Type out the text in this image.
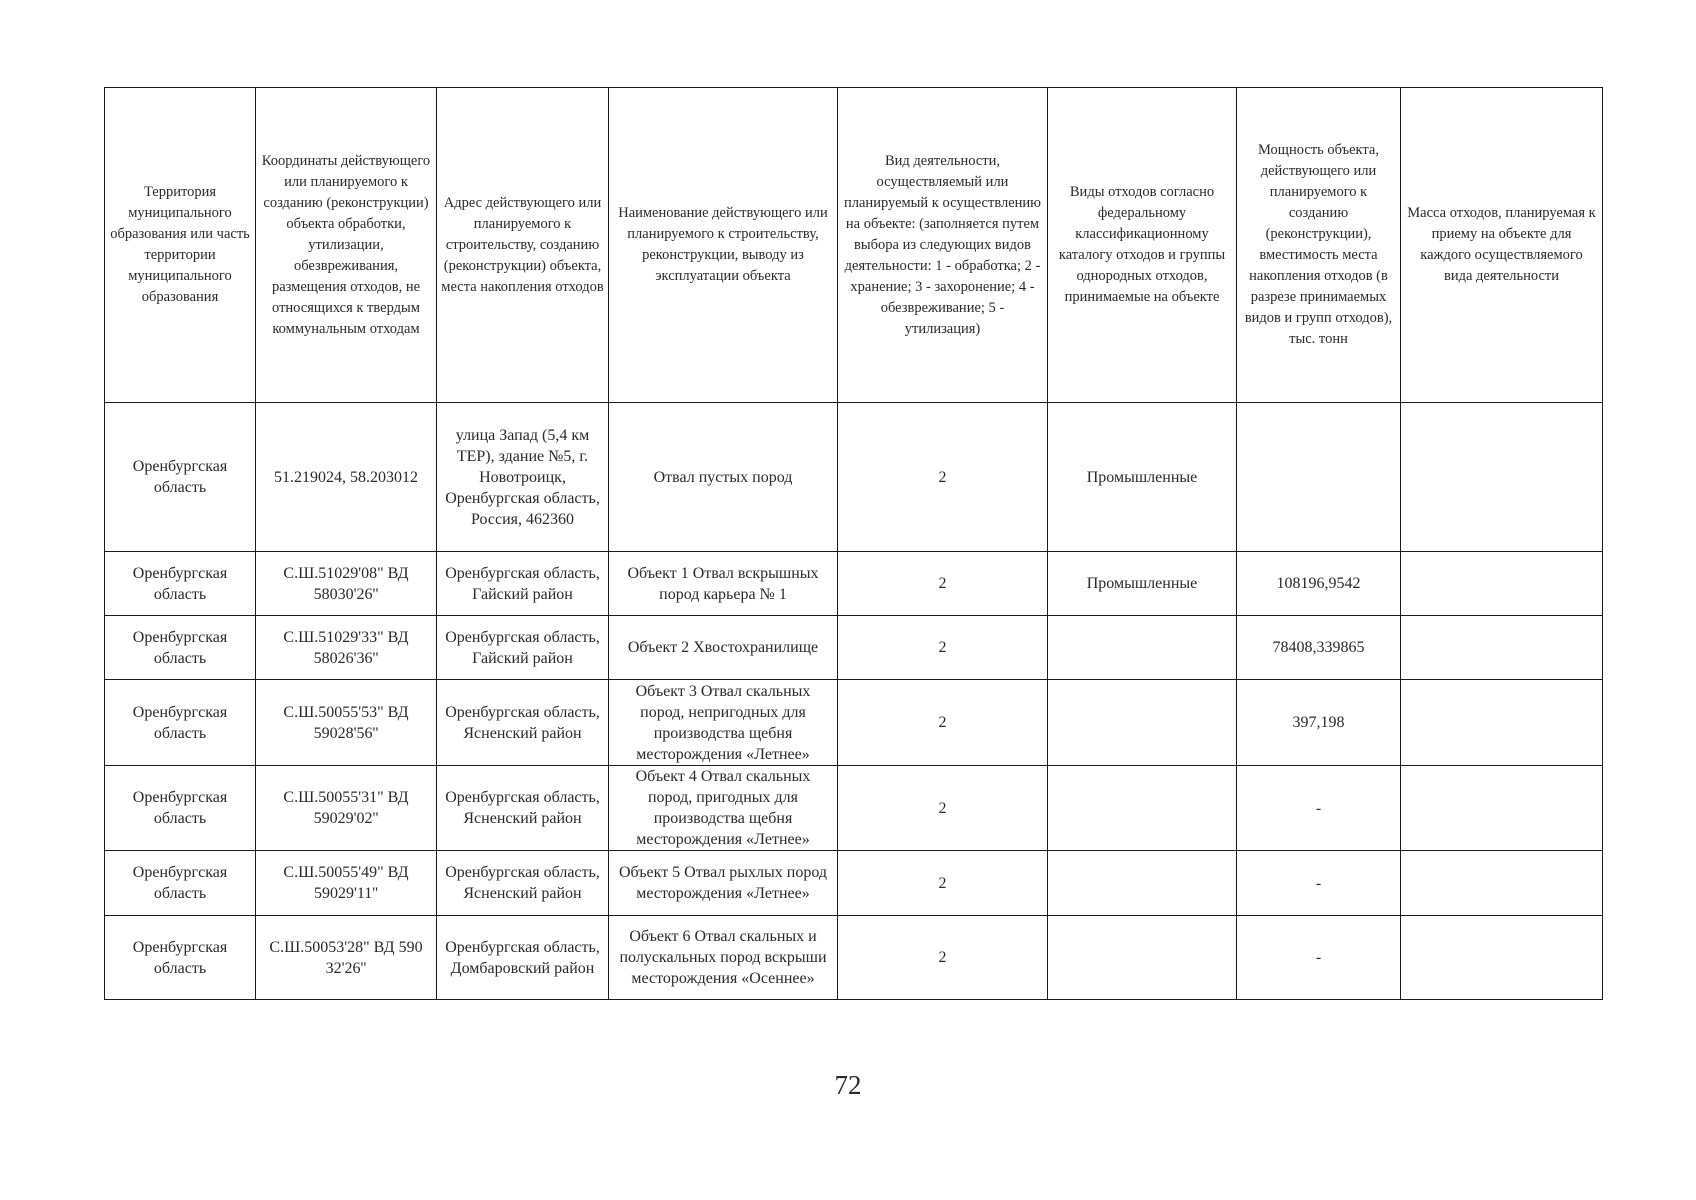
Территория муниципального образования или часть территории муниципального образования	Координаты действующего или планируемого к созданию (реконструкции) объекта обработки, утилизации, обезвреживания, размещения отходов, не относящихся к твердым коммунальным отходам	Адрес действующего или планируемого к строительству, созданию (реконструкции) объекта, места накопления отходов	Наименование действующего или планируемого к строительству, реконструкции, выводу из эксплуатации объекта	Вид деятельности, осуществляемый или планируемый к осуществлению на объекте: (заполняется путем выбора из следующих видов деятельности: 1 - обработка; 2 - хранение; 3 - захоронение; 4 - обезвреживание; 5 - утилизация)	Виды отходов согласно федеральному классификационному каталогу отходов и группы однородных отходов, принимаемые на объекте	Мощность объекта, действующего или планируемого к созданию (реконструкции), вместимость места накопления отходов (в разрезе принимаемых видов и групп отходов), тыс. тонн	Масса отходов, планируемая к приему на объекте для каждого осуществляемого вида деятельности
Оренбургская область	51.219024, 58.203012	улица Запад (5,4 км ТЕР), здание №5, г. Новотроицк, Оренбургская область, Россия, 462360	Отвал пустых пород	2	Промышленные		
Оренбургская область	С.Ш.51029'08" ВД 58030'26''	Оренбургская область, Гайский район	Объект 1 Отвал вскрышных пород карьера № 1	2	Промышленные	108196,9542	
Оренбургская область	С.Ш.51029'33" ВД 58026'36''	Оренбургская область, Гайский район	Объект 2 Хвостохранилище	2		78408,339865	
Оренбургская область	С.Ш.50055'53" ВД 59028'56''	Оренбургская область, Ясненский район	Объект 3 Отвал скальных пород, непригодных для производства щебня месторождения «Летнее»	2		397,198	
Оренбургская область	С.Ш.50055'31" ВД 59029'02''	Оренбургская область, Ясненский район	Объект 4 Отвал скальных пород, пригодных для производства щебня месторождения «Летнее»	2		-	
Оренбургская область	С.Ш.50055'49" ВД 59029'11''	Оренбургская область, Ясненский район	Объект 5 Отвал рыхлых пород месторождения «Летнее»	2		-	
Оренбургская область	С.Ш.50053'28" ВД 590 32'26''	Оренбургская область, Домбаровский район	Объект 6 Отвал скальных и полускальных пород вскрыши месторождения «Осеннее»	2		-	
72
